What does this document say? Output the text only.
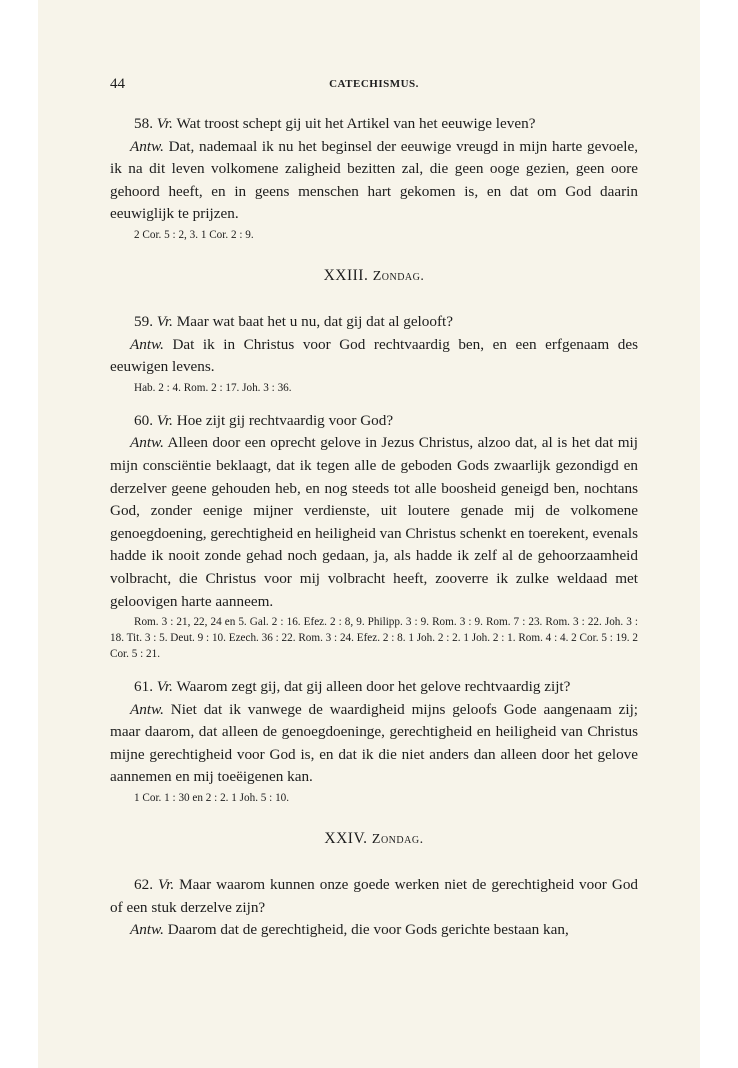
44	CATECHISMUS.

58. Vr. Wat troost schept gij uit het Artikel van het eeuwige leven?

Antw. Dat, nademaal ik nu het beginsel der eeuwige vreugd in mijn harte gevoele, ik na dit leven volkomene zaligheid bezitten zal, die geen ooge gezien, geen oore gehoord heeft, en in geens menschen hart gekomen is, en dat om God daarin eeuwiglijk te prijzen.

2 Cor. 5 : 2, 3. 1 Cor. 2 : 9.

XXIII. Zondag.

59. Vr. Maar wat baat het u nu, dat gij dat al gelooft?

Antw. Dat ik in Christus voor God rechtvaardig ben, en een erfgenaam des eeuwigen levens.

Hab. 2 : 4. Rom. 2 : 17. Joh. 3 : 36.

60. Vr. Hoe zijt gij rechtvaardig voor God?

Antw. Alleen door een oprecht gelove in Jezus Christus, alzoo dat, al is het dat mij mijn consciëntie beklaagt, dat ik tegen alle de geboden Gods zwaarlijk gezondigd en derzelver geene gehouden heb, en nog steeds tot alle boosheid geneigd ben, nochtans God, zonder eenige mijner verdienste, uit loutere genade mij de volkomene genoegdoening, gerechtigheid en heiligheid van Christus schenkt en toerekent, evenals hadde ik nooit zonde gehad noch gedaan, ja, als hadde ik zelf al de gehoorzaamheid volbracht, die Christus voor mij volbracht heeft, zooverre ik zulke weldaad met geloovigen harte aanneem.

Rom. 3 : 21, 22, 24 en 5. Gal. 2 : 16. Efez. 2 : 8, 9. Philipp. 3 : 9. Rom. 3 : 9. Rom. 7 : 23. Rom. 3 : 22. Joh. 3 : 18. Tit. 3 : 5. Deut. 9 : 10. Ezech. 36 : 22. Rom. 3 : 24. Efez. 2 : 8. 1 Joh. 2 : 2. 1 Joh. 2 : 1. Rom. 4 : 4. 2 Cor. 5 : 19. 2 Cor. 5 : 21.

61. Vr. Waarom zegt gij, dat gij alleen door het gelove rechtvaardig zijt?

Antw. Niet dat ik vanwege de waardigheid mijns geloofs Gode aangenaam zij; maar daarom, dat alleen de genoegdoeninge, gerechtigheid en heiligheid van Christus mijne gerechtigheid voor God is, en dat ik die niet anders dan alleen door het gelove aannemen en mij toeëigenen kan.

1 Cor. 1 : 30 en 2 : 2. 1 Joh. 5 : 10.

XXIV. Zondag.

62. Vr. Maar waarom kunnen onze goede werken niet de gerechtigheid voor God of een stuk derzelve zijn?

Antw. Daarom dat de gerechtigheid, die voor Gods gerichte bestaan kan,
